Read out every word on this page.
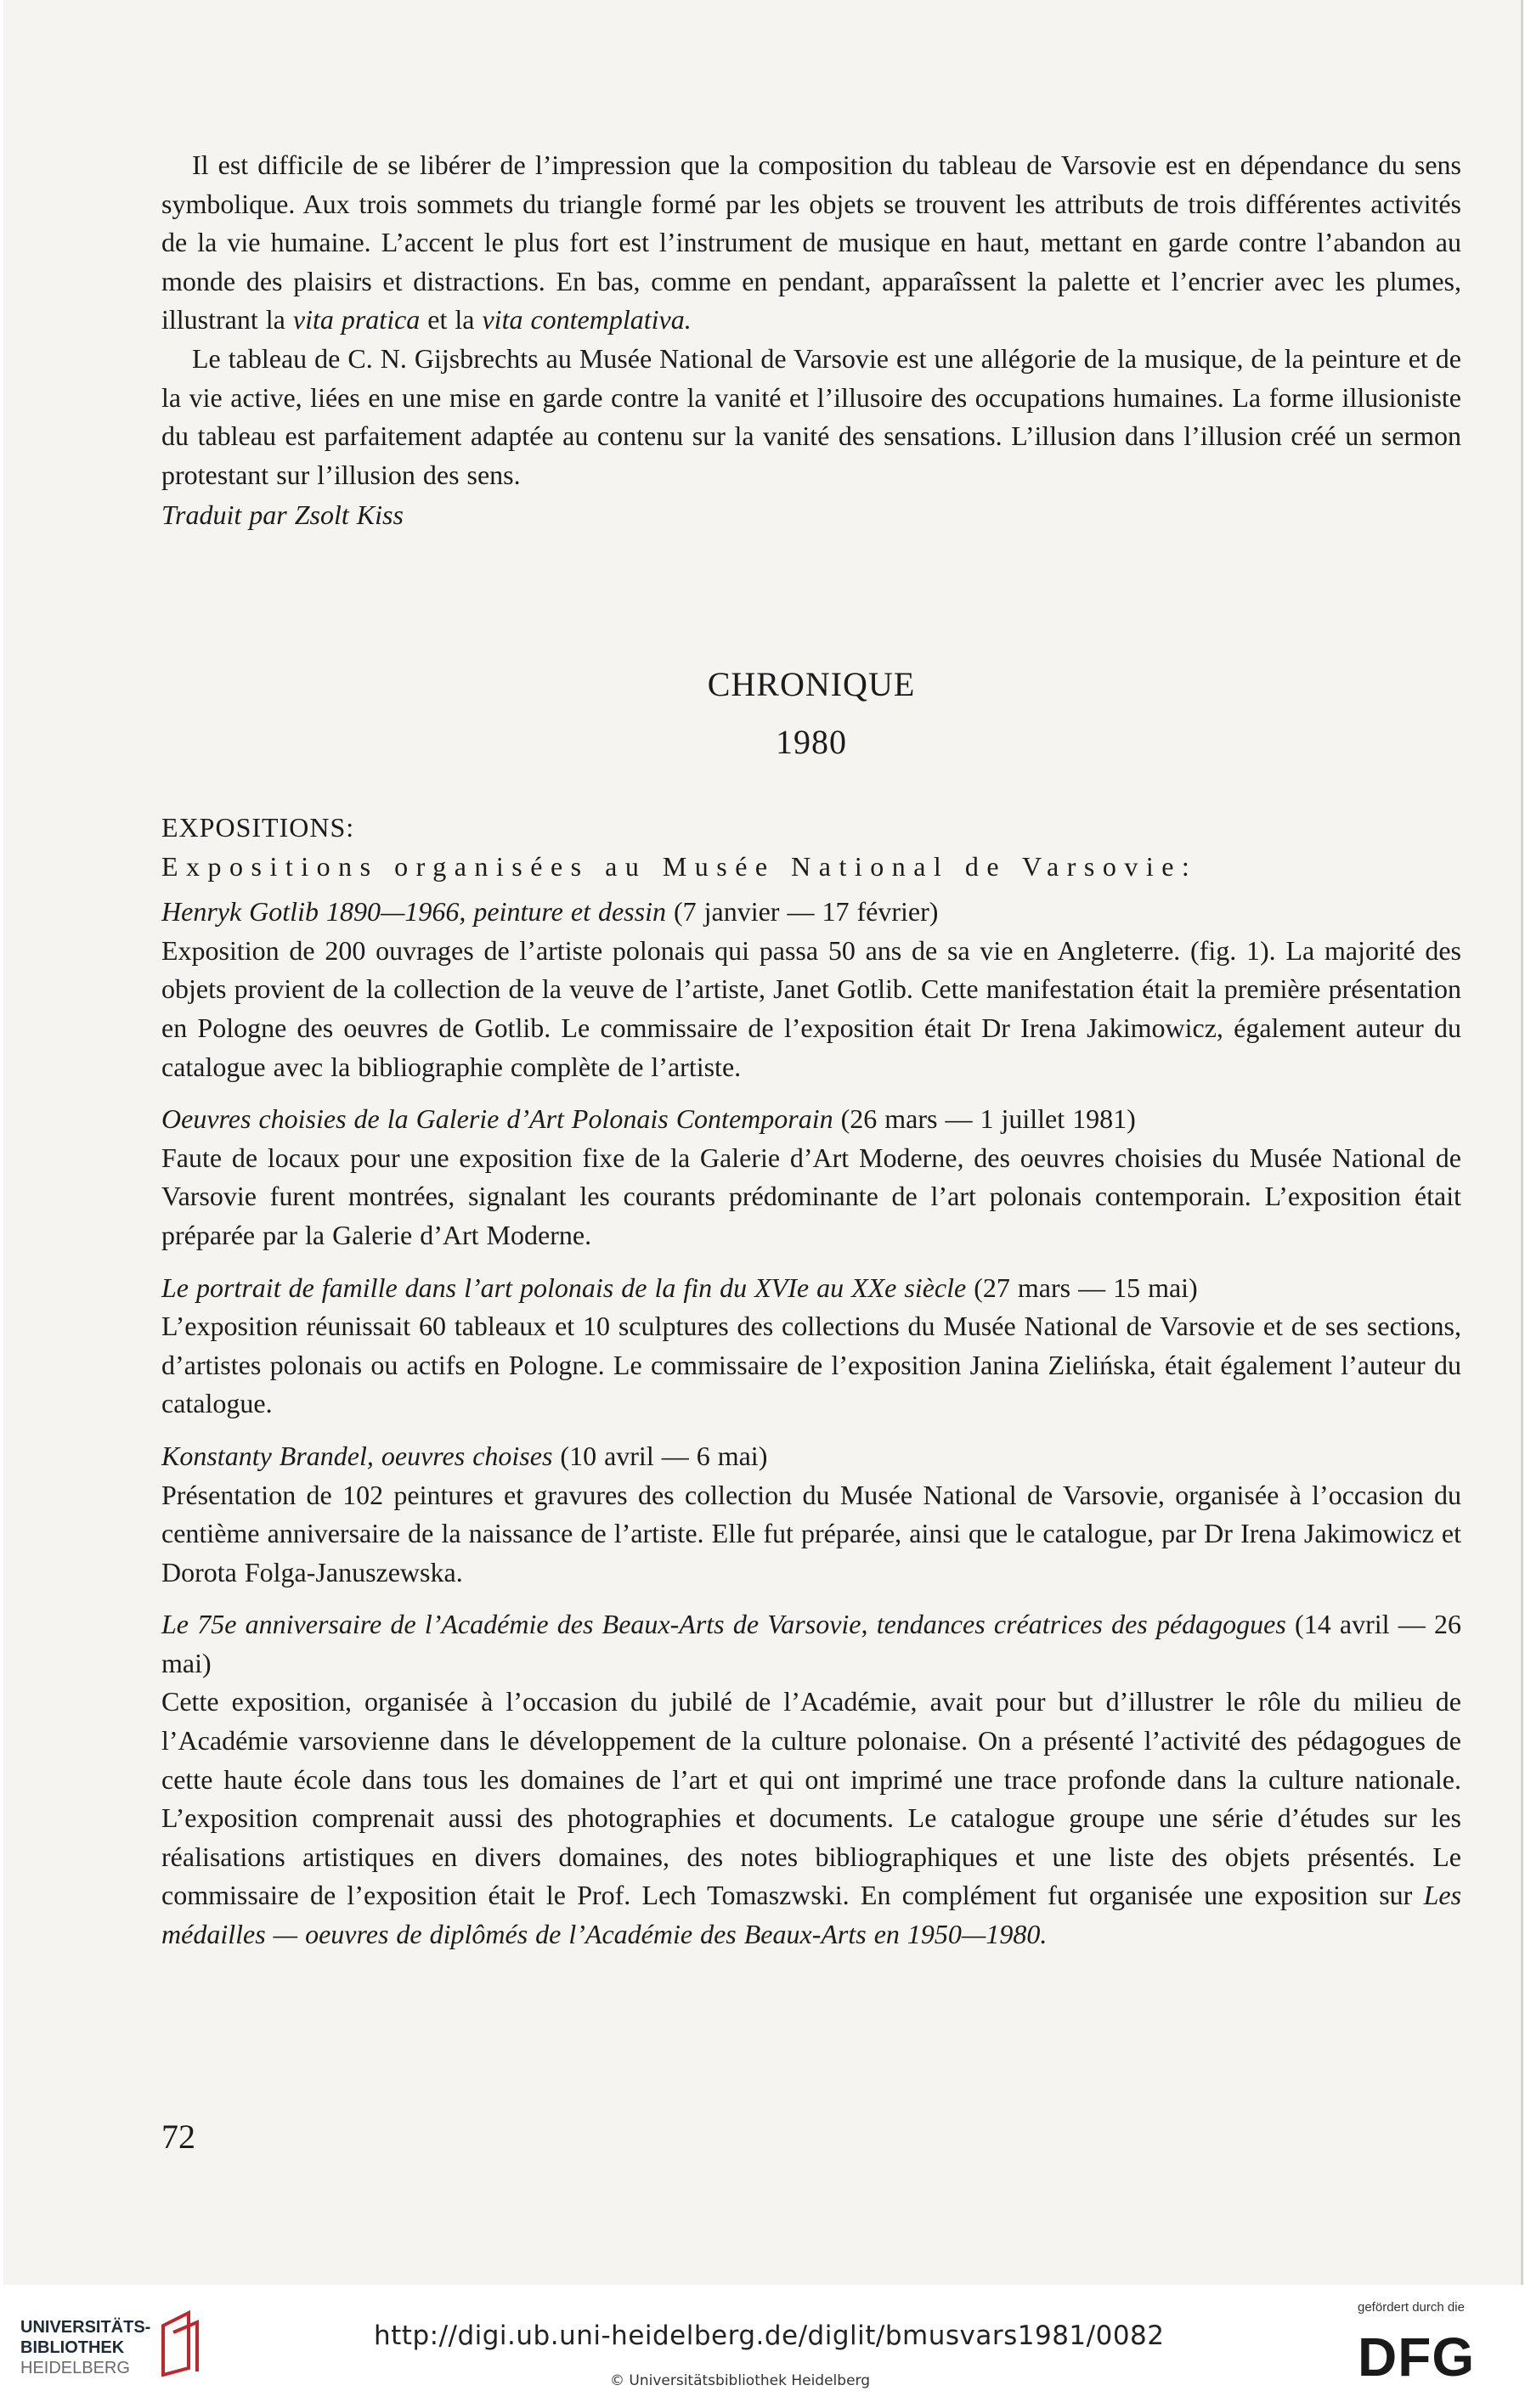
Il est difficile de se libérer de l’impression que la composition du tableau de Varsovie est en dépendance du sens symbolique. Aux trois sommets du triangle formé par les objets se trouvent les attributs de trois différentes activités de la vie humaine. L’accent le plus fort est l’instrument de musique en haut, mettant en garde contre l’abandon au monde des plaisirs et distractions. En bas, comme en pendant, apparaîssent la palette et l’encrier avec les plumes, illustrant la vita pratica et la vita contemplativa.

Le tableau de C. N. Gijsbrechts au Musée National de Varsovie est une allégorie de la musique, de la peinture et de la vie active, liées en une mise en garde contre la vanité et l’illusoire des occupations humaines. La forme illusioniste du tableau est parfaitement adaptée au contenu sur la vanité des sensations. L’illusion dans l’illusion créé un sermon protestant sur l’illusion des sens.

Traduit par Zsolt Kiss

CHRONIQUE
1980

EXPOSITIONS:

Expositions organisées au Musée National de Varsovie:

Henryk Gotlib 1890—1966, peinture et dessin (7 janvier — 17 février)

Exposition de 200 ouvrages de l’artiste polonais qui passa 50 ans de sa vie en Angleterre. (fig. 1). La majorité des objets provient de la collection de la veuve de l’artiste, Janet Gotlib. Cette manifestation était la première présentation en Pologne des oeuvres de Gotlib. Le commissaire de l’exposition était Dr Irena Jakimowicz, également auteur du catalogue avec la bibliographie complète de l’artiste.

Oeuvres choisies de la Galerie d’Art Polonais Contemporain (26 mars — 1 juillet 1981)

Faute de locaux pour une exposition fixe de la Galerie d’Art Moderne, des oeuvres choisies du Musée National de Varsovie furent montrées, signalant les courants prédominante de l’art polonais contemporain. L’exposition était préparée par la Galerie d’Art Moderne.

Le portrait de famille dans l’art polonais de la fin du XVIe au XXe siècle (27 mars — 15 mai)

L’exposition réunissait 60 tableaux et 10 sculptures des collections du Musée National de Varsovie et de ses sections, d’artistes polonais ou actifs en Pologne. Le commissaire de l’exposition Janina Zielińska, était également l’auteur du catalogue.

Konstanty Brandel, oeuvres choises (10 avril — 6 mai)

Présentation de 102 peintures et gravures des collection du Musée National de Varsovie, organisée à l’occasion du centième anniversaire de la naissance de l’artiste. Elle fut préparée, ainsi que le catalogue, par Dr Irena Jakimowicz et Dorota Folga-Januszewska.

Le 75e anniversaire de l’Académie des Beaux-Arts de Varsovie, tendances créatrices des pédagogues (14 avril — 26 mai)

Cette exposition, organisée à l’occasion du jubilé de l’Académie, avait pour but d’illustrer le rôle du milieu de l’Académie varsovienne dans le développement de la culture polonaise. On a présenté l’activité des pédagogues de cette haute école dans tous les domaines de l’art et qui ont imprimé une trace profonde dans la culture nationale. L’exposition comprenait aussi des photographies et documents. Le catalogue groupe une série d’études sur les réalisations artistiques en divers domaines, des notes bibliographiques et une liste des objets présentés. Le commissaire de l’exposition était le Prof. Lech Tomaszwski. En complément fut organisée une exposition sur Les médailles — oeuvres de diplômés de l’Académie des Beaux-Arts en 1950—1980.

72
UNIVERSITÄTS-
BIBLIOTHEK
HEIDELBERG
http://digi.ub.uni-heidelberg.de/diglit/bmusvars1981/0082
© Universitätsbibliothek Heidelberg
gefördert durch die
DFG
